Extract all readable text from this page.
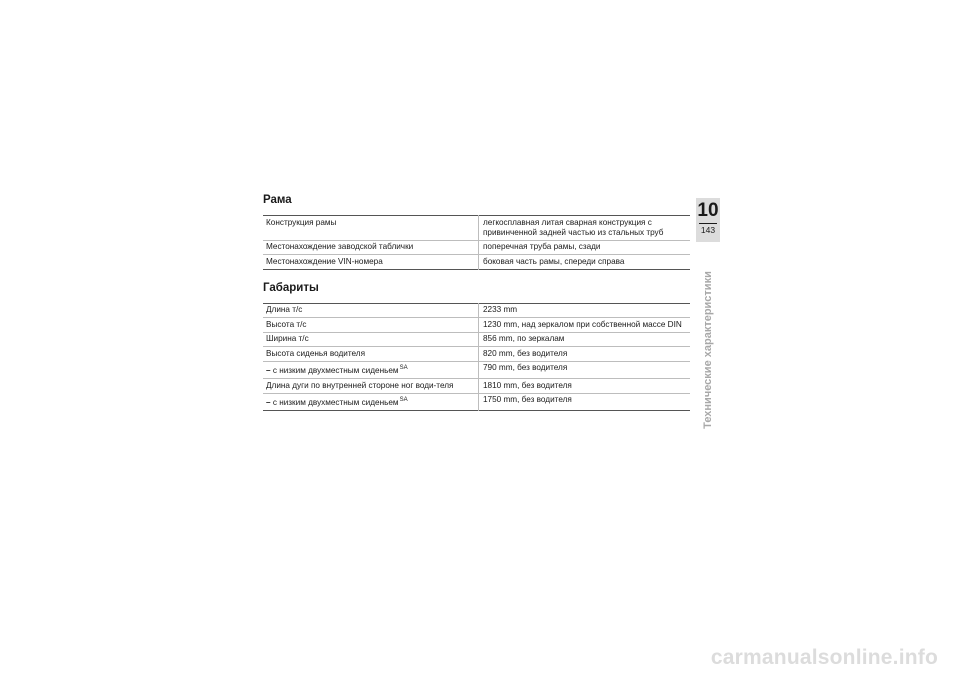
Рама
Конструкция рамы	легкосплавная литая сварная конструкция с привинченной задней частью из стальных труб
Местонахождение заводской таблички	поперечная труба рамы, сзади
Местонахождение VIN-номера	боковая часть рамы, спереди справа
Габариты
Длина т/с	2233 mm
Высота т/с	1230 mm, над зеркалом при собственной массе DIN
Ширина т/с	856 mm, по зеркалам
Высота сиденья водителя	820 mm, без водителя
– с низким двухместным сиденьем$^{SA}$	790 mm, без водителя
Длина дуги по внутренней стороне ног води-теля	1810 mm, без водителя
– с низким двухместным сиденьем$^{SA}$	1750 mm, без водителя
10
143
Технические характеристики
carmanualsonline.info
